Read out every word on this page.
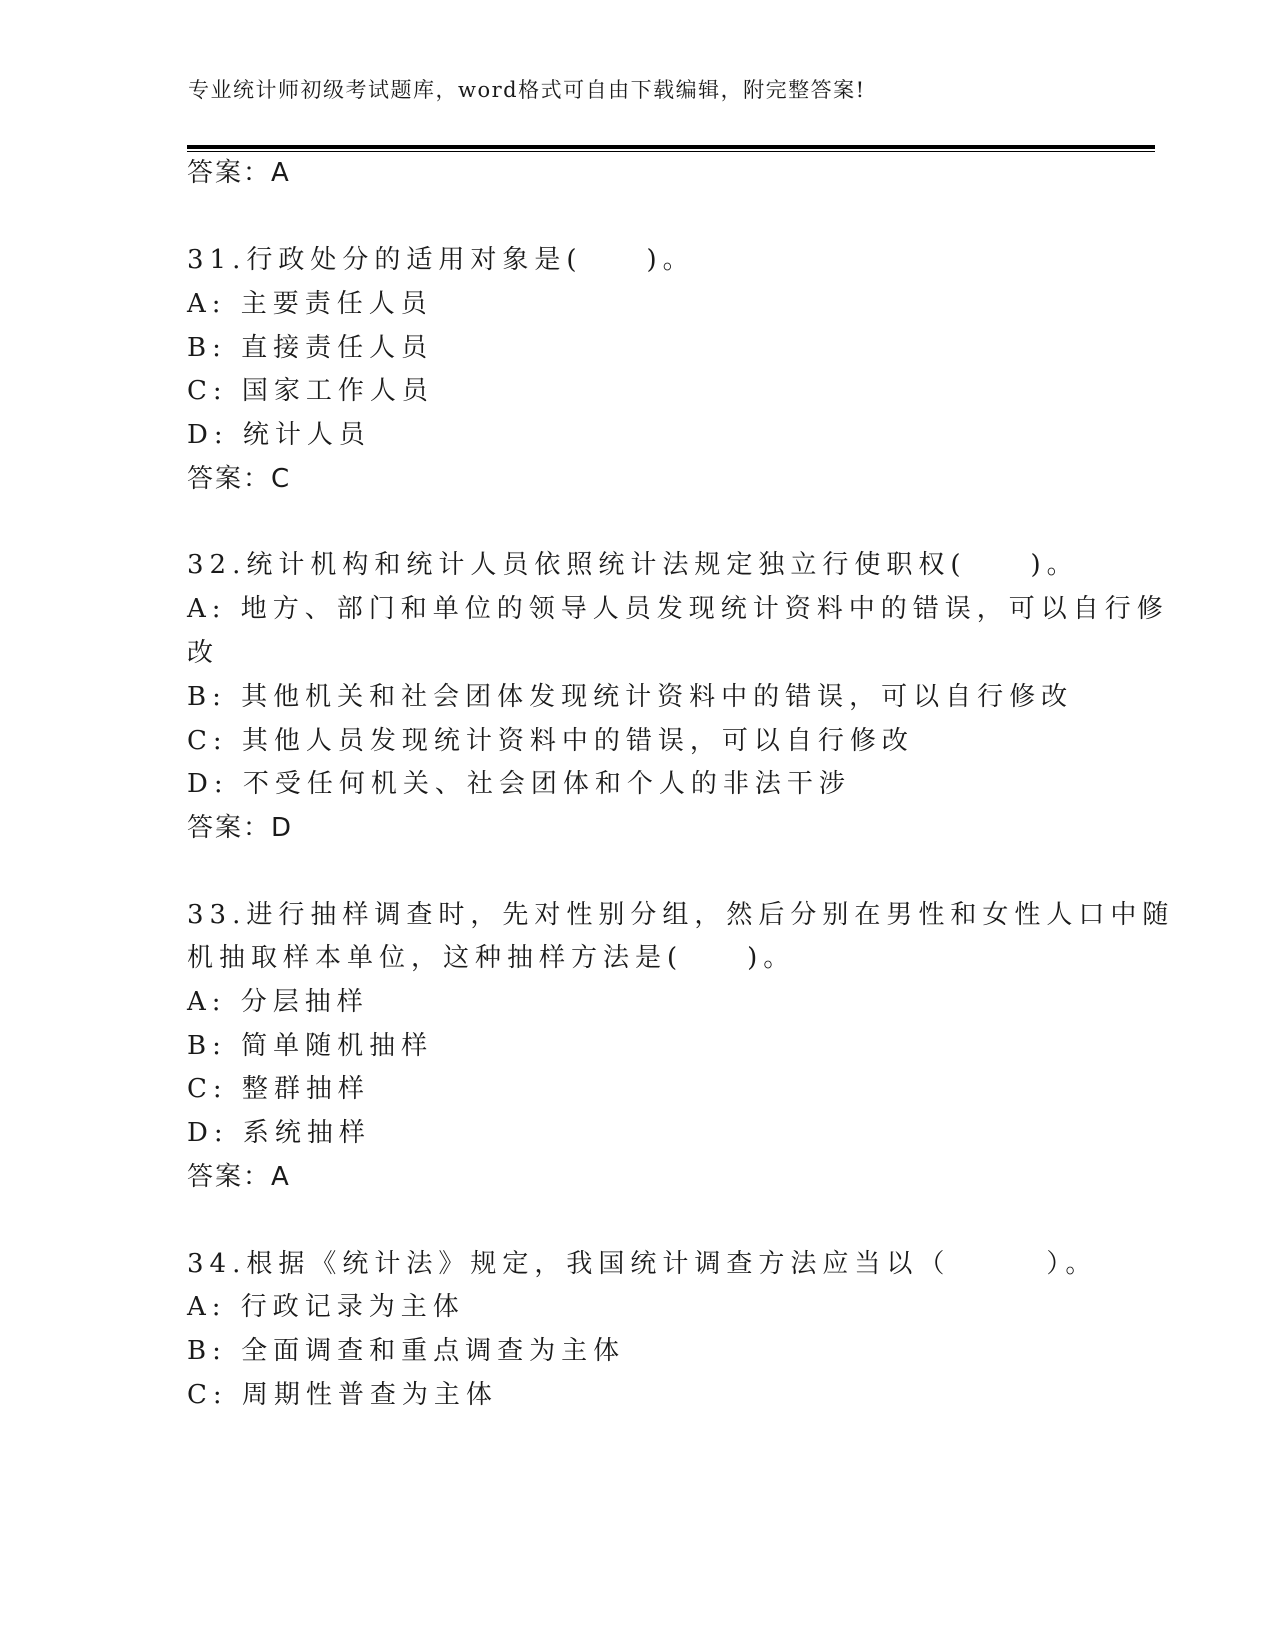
专业统计师初级考试题库，word格式可自由下载编辑，附完整答案!
答案：A
31.行政处分的适用对象是(　　)。
A: 主要责任人员
B: 直接责任人员
C: 国家工作人员
D: 统计人员
答案：C
32.统计机构和统计人员依照统计法规定独立行使职权(　　)。
A: 地方、部门和单位的领导人员发现统计资料中的错误，可以自行修
改
B: 其他机关和社会团体发现统计资料中的错误，可以自行修改
C: 其他人员发现统计资料中的错误，可以自行修改
D: 不受任何机关、社会团体和个人的非法干涉
答案：D
33.进行抽样调查时，先对性别分组，然后分别在男性和女性人口中随
机抽取样本单位，这种抽样方法是(　　)。
A: 分层抽样
B: 简单随机抽样
C: 整群抽样
D: 系统抽样
答案：A
34.根据《统计法》规定，我国统计调查方法应当以（　　　）。
A: 行政记录为主体
B: 全面调查和重点调查为主体
C: 周期性普查为主体
